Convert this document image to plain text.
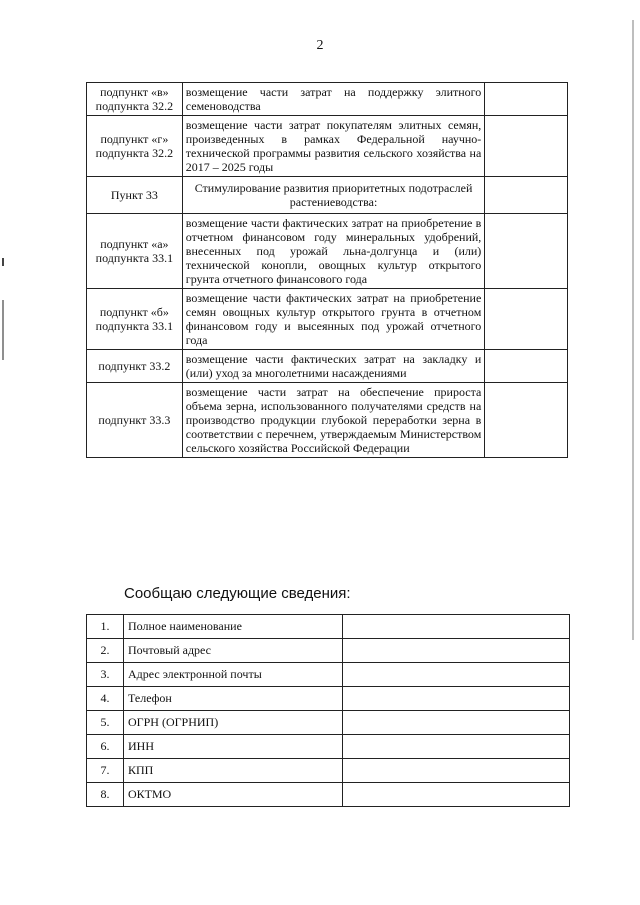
2
подпункт «в» подпункта 32.2	возмещение части затрат на поддержку элитного семеноводства	
подпункт «г» подпункта 32.2	возмещение части затрат покупателям элитных семян, произведенных в рамках Федеральной научно-технической программы развития сельского хозяйства на 2017 – 2025 годы	
Пункт 33	Стимулирование развития приоритетных подотраслей растениеводства:	
подпункт «а» подпункта 33.1	возмещение части фактических затрат на приобретение в отчетном финансовом году минеральных удобрений, внесенных под урожай льна-долгунца и (или) технической конопли, овощных культур открытого грунта отчетного финансового года	
подпункт «б» подпункта 33.1	возмещение части фактических затрат на приобретение семян овощных культур открытого грунта в отчетном финансовом году и высеянных под урожай отчетного года	
подпункт 33.2	возмещение части фактических затрат на закладку и (или) уход за многолетними насаждениями	
подпункт 33.3	возмещение части затрат на обеспечение прироста объема зерна, использованного получателями средств на производство продукции глубокой переработки зерна в соответствии с перечнем, утверждаемым Министерством сельского хозяйства Российской Федерации	
Сообщаю следующие сведения:
1.	Полное наименование	
2.	Почтовый адрес	
3.	Адрес электронной почты	
4.	Телефон	
5.	ОГРН (ОГРНИП)	
6.	ИНН	
7.	КПП	
8.	ОКТМО	
